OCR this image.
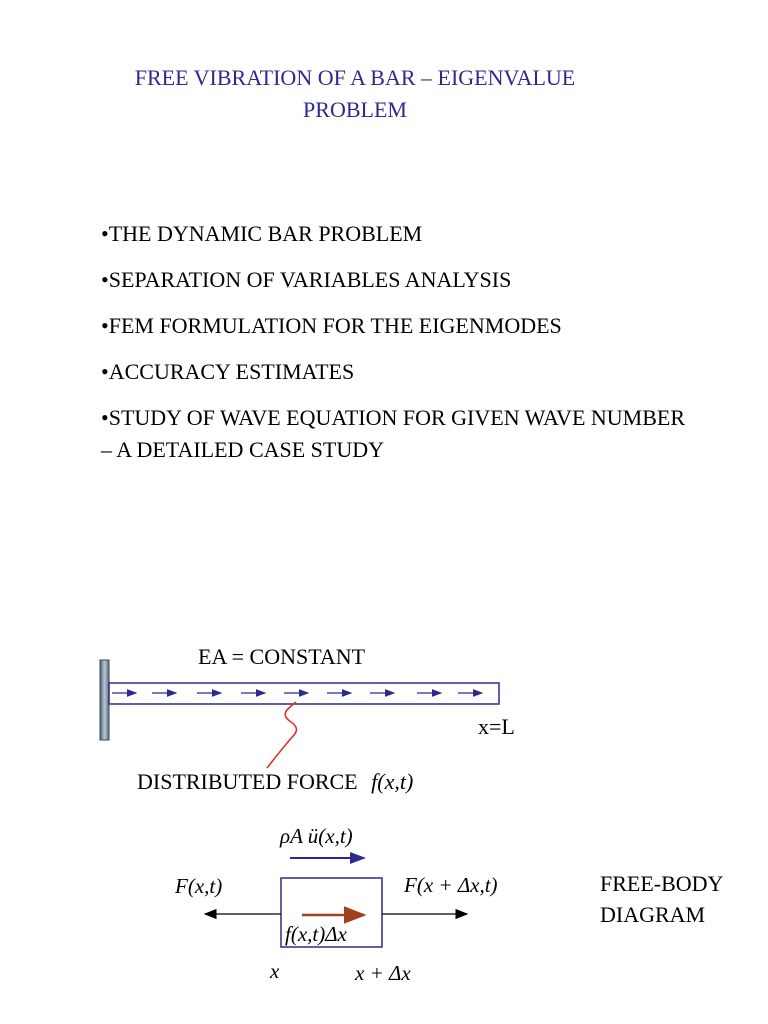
FREE VIBRATION OF A BAR – EIGENVALUE
PROBLEM
•THE DYNAMIC BAR PROBLEM
•SEPARATION OF VARIABLES ANALYSIS
•FEM FORMULATION FOR THE EIGENMODES
•ACCURACY ESTIMATES
•STUDY OF WAVE EQUATION FOR GIVEN WAVE NUMBER – A DETAILED CASE STUDY
EA = CONSTANT
x=L
DISTRIBUTED FORCE f(x,t)
ρA ü(x,t)
F(x,t)	F(x + Δx,t)
f(x,t)Δx
x	x + Δx
FREE-BODY
DIAGRAM
